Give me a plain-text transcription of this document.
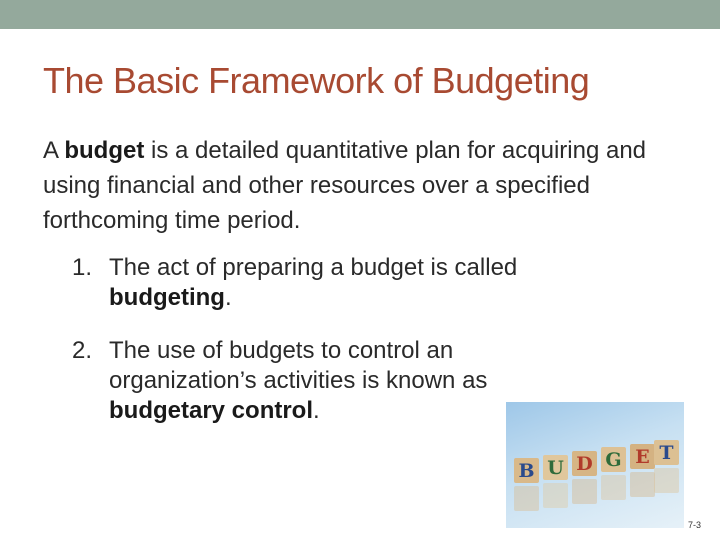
The Basic Framework of Budgeting
A budget is a detailed quantitative plan for acquiring and using financial and other resources over a specified forthcoming time period.
1. The act of preparing a budget is called budgeting.
2. The use of budgets to control an organization’s activities is known as budgetary control.
B U D G E T
7-3
